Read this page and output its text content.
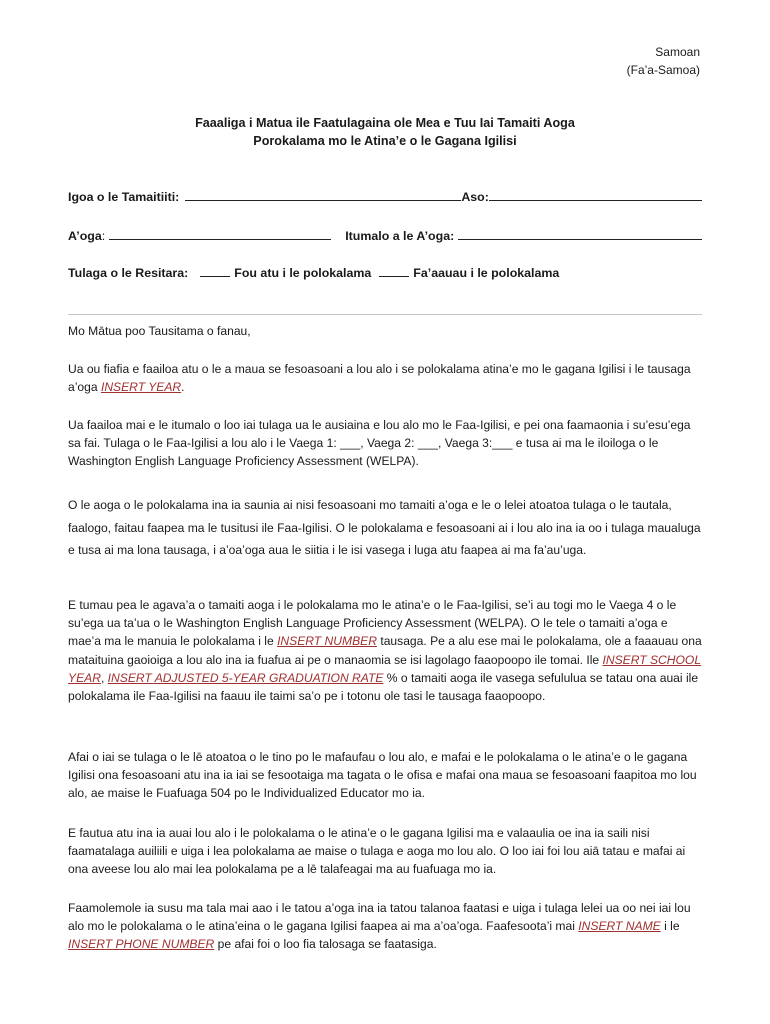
Samoan
(Fa’a-Samoa)
Faaaliga i Matua ile Faatulagaina ole Mea e Tuu Iai Tamaiti Aoga
Porokalama mo le Atina’e o le Gagana Igilisi
Igoa o le Tamaitiiti:	Aso:
A’oga :	Itumalo a le A’oga:
Tulaga o le Resitara:	Fou atu i le polokalama	Fa’aauau i le polokalama

Mo Mātua poo Tausitama o fanau,

Ua ou fiafia e faailoa atu o le a maua se fesoasoani a lou alo i se polokalama atina’e mo le gagana Igilisi i le tausaga a’oga INSERT YEAR.

Ua faailoa mai e le itumalo o loo iai tulaga ua le ausiaina e lou alo mo le Faa-Igilisi, e pei ona faamaonia i su’esu’ega sa fai. Tulaga o le Faa-Igilisi a lou alo i le Vaega 1: ___, Vaega 2: ___, Vaega 3:___ e tusa ai ma le iloiloga o le Washington English Language Proficiency Assessment (WELPA).

O le aoga o le polokalama ina ia saunia ai nisi fesoasoani mo tamaiti a’oga e le o lelei atoatoa tulaga o le tautala, faalogo, faitau faapea ma le tusitusi ile Faa-Igilisi. O le polokalama e fesoasoani ai i lou alo ina ia oo i tulaga maualuga e tusa ai ma lona tausaga, i a’oa’oga aua le siitia i le isi vasega i luga atu faapea ai ma fa’au’uga.

E tumau pea le agava’a o tamaiti aoga i le polokalama mo le atina’e o le Faa-Igilisi, se’i au togi mo le Vaega 4 o le su’ega ua ta’ua o le Washington English Language Proficiency Assessment (WELPA). O le tele o tamaiti a’oga e mae’a ma le manuia le polokalama i le INSERT NUMBER tausaga. Pe a alu ese mai le polokalama, ole a faaauau ona mataituina gaoioiga a lou alo ina ia fuafua ai pe o manaomia se isi lagolago faaopoopo ile tomai. Ile INSERT SCHOOL YEAR, INSERT ADJUSTED 5-YEAR GRADUATION RATE % o tamaiti aoga ile vasega sefululua se tatau ona auai ile polokalama ile Faa-Igilisi na faauu ile taimi sa’o pe i totonu ole tasi le tausaga faaopoopo.

Afai o iai se tulaga o le lē atoatoa o le tino po le mafaufau o lou alo, e mafai e le polokalama o le atina’e o le gagana Igilisi ona fesoasoani atu ina ia iai se fesootaiga ma tagata o le ofisa e mafai ona maua se fesoasoani faapitoa mo lou alo, ae maise le Fuafuaga 504 po le Individualized Educator mo ia.

E fautua atu ina ia auai lou alo i le polokalama o le atina’e o le gagana Igilisi ma e valaaulia oe ina ia saili nisi faamatalaga auiliili e uiga i lea polokalama ae maise o tulaga e aoga mo lou alo. O loo iai foi lou aiā tatau e mafai ai ona aveese lou alo mai lea polokalama pe a lē talafeagai ma au fuafuaga mo ia.

Faamolemole ia susu ma tala mai aao i le tatou a’oga ina ia tatou talanoa faatasi e uiga i tulaga lelei ua oo nei iai lou alo mo le polokalama o le atina’eina o le gagana Igilisi faapea ai ma a’oa’oga. Faafesoota’i mai INSERT NAME i le INSERT PHONE NUMBER pe afai foi o loo fia talosaga se faatasiga.
